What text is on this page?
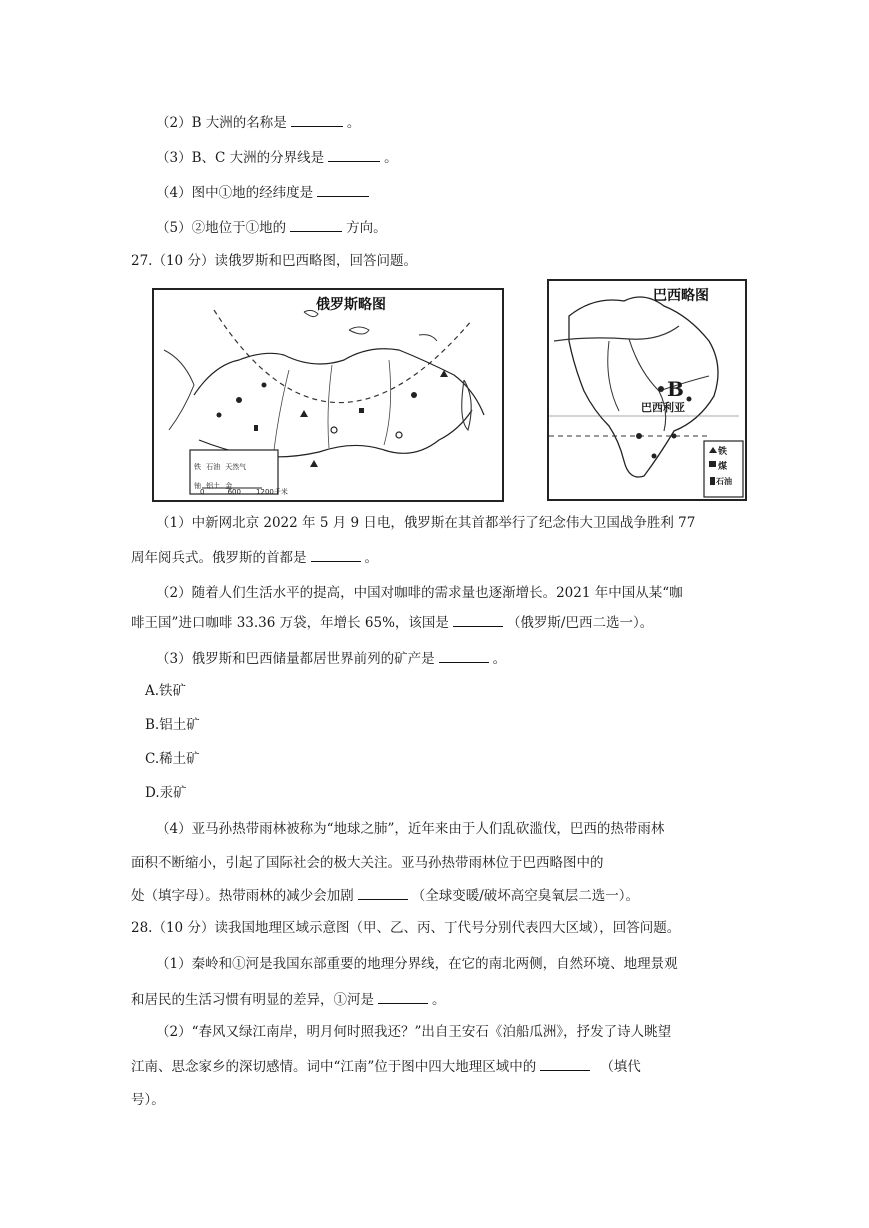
（2）B 大洲的名称是	。
（3）B、C 大洲的分界线是	。
（4）图中①地的经纬度是
（5）②地位于①地的	方向。
27.（10 分）读俄罗斯和巴西略图，回答问题。
俄罗斯略图
铁 石油 天然气
铀 铝土 金
0	600 1200千米
巴西略图
B
巴西利亚
铁
煤
石油
（1）中新网北京 2022 年 5 月 9 日电，俄罗斯在其首都举行了纪念伟大卫国战争胜利 77
周年阅兵式。俄罗斯的首都是	。
（2）随着人们生活水平的提高，中国对咖啡的需求量也逐渐增长。2021 年中国从某“咖
啡王国”进口咖啡 33.36 万袋，年增长 65%，该国是	（俄罗斯/巴西二选一）。
（3）俄罗斯和巴西储量都居世界前列的矿产是	。
A.铁矿
B.铝土矿
C.稀土矿
D.汞矿
（4）亚马孙热带雨林被称为“地球之肺”，近年来由于人们乱砍滥伐，巴西的热带雨林
面积不断缩小，引起了国际社会的极大关注。亚马孙热带雨林位于巴西略图中的
处（填字母）。热带雨林的减少会加剧	（全球变暖/破坏高空臭氧层二选一）。
28.（10 分）读我国地理区域示意图（甲、乙、丙、丁代号分别代表四大区域），回答问题。
（1）秦岭和①河是我国东部重要的地理分界线，在它的南北两侧，自然环境、地理景观
和居民的生活习惯有明显的差异，①河是	。
（2）“春风又绿江南岸，明月何时照我还？”出自王安石《泊船瓜洲》，抒发了诗人眺望
江南、思念家乡的深切感情。词中“江南”位于图中四大地理区域中的	（填代
号）。
